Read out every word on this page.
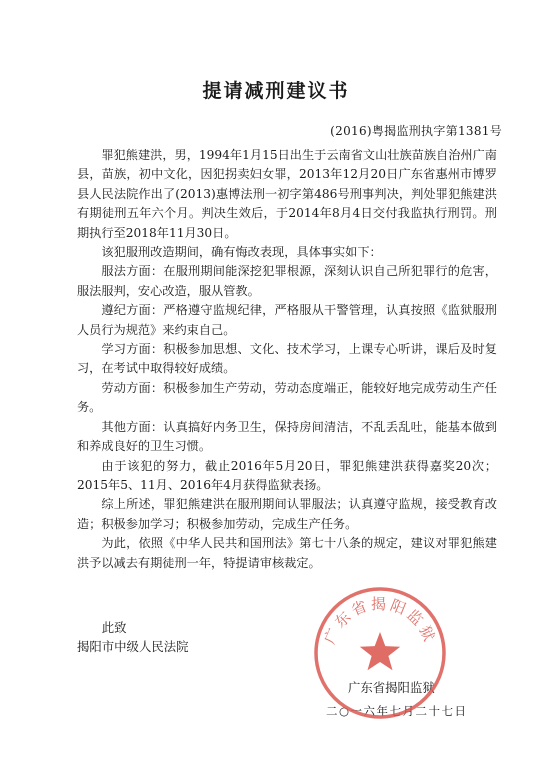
提请减刑建议书
(2016)粤揭监刑执字第1381号

罪犯熊建洪，男，1994年1月15日出生于云南省文山壮族苗族自治州广南县，苗族，初中文化，因犯拐卖妇女罪，2013年12月20日广东省惠州市博罗县人民法院作出了(2013)惠博法刑一初字第486号刑事判决，判处罪犯熊建洪有期徒刑五年六个月。判决生效后，于2014年8月4日交付我监执行刑罚。刑期执行至2018年11月30日。

该犯服刑改造期间，确有悔改表现，具体事实如下：

服法方面：在服刑期间能深挖犯罪根源，深刻认识自己所犯罪行的危害，服法服判，安心改造，服从管教。

遵纪方面：严格遵守监规纪律，严格服从干警管理，认真按照《监狱服刑人员行为规范》来约束自己。

学习方面：积极参加思想、文化、技术学习，上课专心听讲，课后及时复习，在考试中取得较好成绩。

劳动方面：积极参加生产劳动，劳动态度端正，能较好地完成劳动生产任务。

其他方面：认真搞好内务卫生，保持房间清洁，不乱丢乱吐，能基本做到和养成良好的卫生习惯。

由于该犯的努力，截止2016年5月20日，罪犯熊建洪获得嘉奖20次；2015年5、11月、2016年4月获得监狱表扬。

综上所述，罪犯熊建洪在服刑期间认罪服法；认真遵守监规，接受教育改造；积极参加学习；积极参加劳动，完成生产任务。

为此，依照《中华人民共和国刑法》第七十八条的规定，建议对罪犯熊建洪予以减去有期徒刑一年，特提请审核裁定。

此致
揭阳市中级人民法院
广东省揭阳监狱
二○一六年七月二十七日
广东省揭阳监狱
